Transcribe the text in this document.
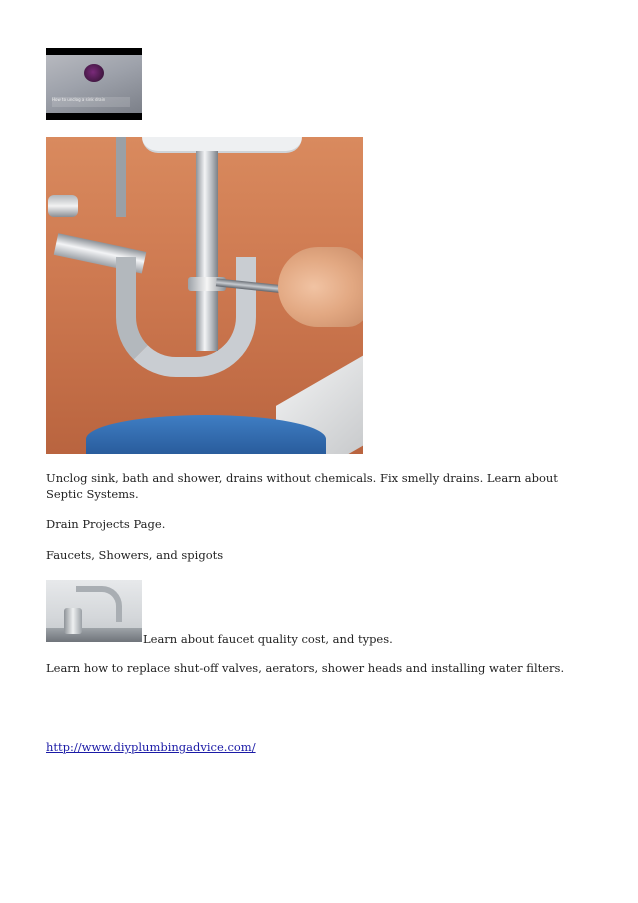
How to unclog a sink drain
Unclog sink, bath and shower, drains without chemicals. Fix smelly drains. Learn about Septic Systems.
Drain Projects Page.
Faucets, Showers, and spigots
Learn about faucet quality cost, and types.
Learn how to replace shut-off valves, aerators, shower heads and installing water filters.
http://www.diyplumbingadvice.com/
